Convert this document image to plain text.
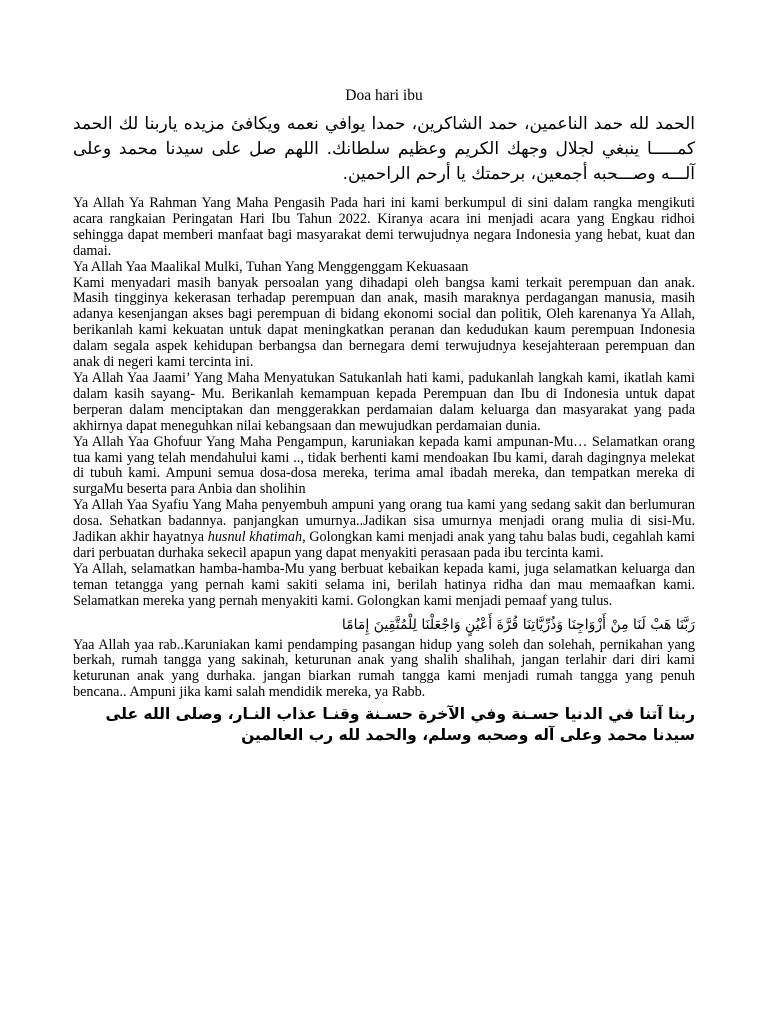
Doa hari ibu
الحمد لله حمد الناعمين، حمد الشاكرين، حمدا يوافي نعمه ويكافئ مزيده ياربنا لك الحمد كمـــــا ينبغي لجلال وجهك الكريم وعظيم سلطانك. اللهم صل على سيدنا محمد وعلى آلـــه وصـــحبه أجمعين، برحمتك يا أرحم الراحمين.

Ya Allah Ya Rahman Yang Maha Pengasih Pada hari ini kami berkumpul di sini dalam rangka mengikuti acara rangkaian Peringatan Hari Ibu Tahun 2022. Kiranya acara ini menjadi acara yang Engkau ridhoi sehingga dapat memberi manfaat bagi masyarakat demi terwujudnya negara Indonesia yang hebat, kuat dan damai.

Ya Allah Yaa Maalikal Mulki, Tuhan Yang Menggenggam Kekuasaan

Kami menyadari masih banyak persoalan yang dihadapi oleh bangsa kami terkait perempuan dan anak. Masih tingginya kekerasan terhadap perempuan dan anak, masih maraknya perdagangan manusia, masih adanya kesenjangan akses bagi perempuan di bidang ekonomi social dan politik, Oleh karenanya Ya Allah, berikanlah kami kekuatan untuk dapat meningkatkan peranan dan kedudukan kaum perempuan Indonesia dalam segala aspek kehidupan berbangsa dan bernegara demi terwujudnya kesejahteraan perempuan dan anak di negeri kami tercinta ini.

Ya Allah Yaa Jaami’ Yang Maha Menyatukan Satukanlah hati kami, padukanlah langkah kami, ikatlah kami dalam kasih sayang- Mu. Berikanlah kemampuan kepada Perempuan dan Ibu di Indonesia untuk dapat berperan dalam menciptakan dan menggerakkan perdamaian dalam keluarga dan masyarakat yang pada akhirnya dapat meneguhkan nilai kebangsaan dan mewujudkan perdamaian dunia.

Ya Allah Yaa Ghofuur Yang Maha Pengampun, karuniakan kepada kami ampunan-Mu… Selamatkan orang tua kami yang telah mendahului kami .., tidak berhenti kami mendoakan Ibu kami, darah dagingnya melekat di tubuh kami. Ampuni semua dosa-dosa mereka, terima amal ibadah mereka, dan tempatkan mereka di surgaMu beserta para Anbia dan sholihin

Ya Allah Yaa Syafiu Yang Maha penyembuh ampuni yang orang tua kami yang sedang sakit dan berlumuran dosa. Sehatkan badannya. panjangkan umurnya..Jadikan sisa umurnya menjadi orang mulia di sisi-Mu. Jadikan akhir hayatnya husnul khatimah, Golongkan kami menjadi anak yang tahu balas budi, cegahlah kami dari perbuatan durhaka sekecil apapun yang dapat menyakiti perasaan pada ibu tercinta kami.

Ya Allah, selamatkan hamba-hamba-Mu yang berbuat kebaikan kepada kami, juga selamatkan keluarga dan teman tetangga yang pernah kami sakiti selama ini, berilah hatinya ridha dan mau memaafkan kami. Selamatkan mereka yang pernah menyakiti kami. Golongkan kami menjadi pemaaf yang tulus.

رَبَّنَا هَبْ لَنَا مِنْ أَزْوَاجِنَا وَذُرِّيَّاتِنَا قُرَّةَ أَعْيُنٍ وَاجْعَلْنَا لِلْمُتَّقِينَ إِمَامًا

Yaa Allah yaa rab..Karuniakan kami pendamping pasangan hidup yang soleh dan solehah, pernikahan yang berkah, rumah tangga yang sakinah, keturunan anak yang shalih shalihah, jangan terlahir dari diri kami keturunan anak yang durhaka. jangan biarkan rumah tangga kami menjadi rumah tangga yang penuh bencana.. Ampuni jika kami salah mendidik mereka, ya Rabb.

ربنا آتنا في الدنيا حسـنة وفي الآخرة حسـنة وقنـا عذاب النـار، وصلى الله على سيدنا محمد وعلى آله وصحبه وسلم، والحمد لله رب العالمين
